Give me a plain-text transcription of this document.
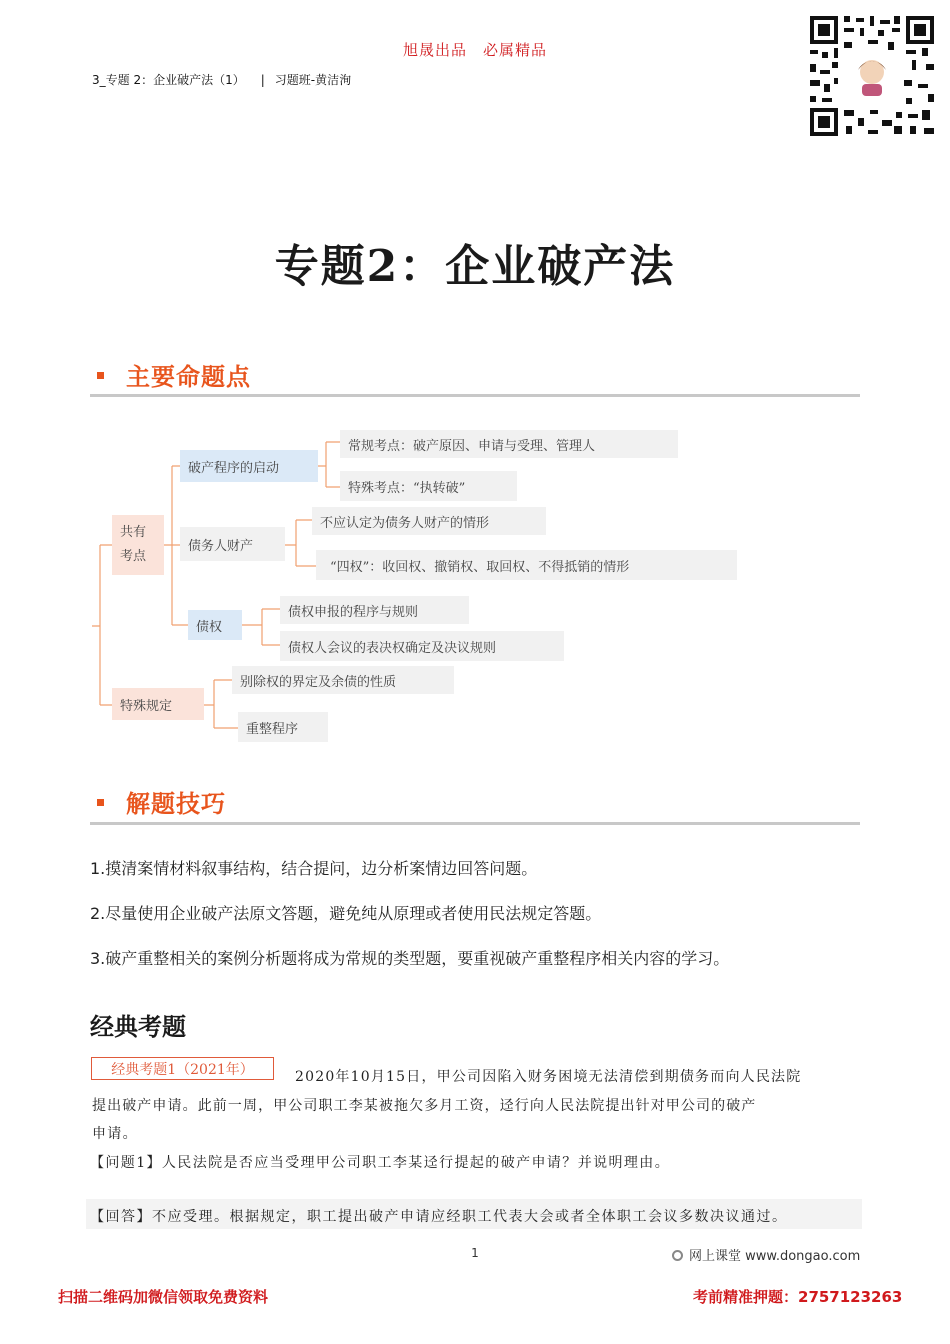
旭晟出品　必属精品
3_专题 2：企业破产法（1） | 习题班-黄洁洵
专题2：企业破产法
主要命题点
共有
考点
特殊规定
破产程序的启动
常规考点：破产原因、申请与受理、管理人
特殊考点：“执转破”
债务人财产
不应认定为债务人财产的情形
“四权”：收回权、撤销权、取回权、不得抵销的情形
债权
债权申报的程序与规则
债权人会议的表决权确定及决议规则
别除权的界定及余债的性质
重整程序
解题技巧

1.摸清案情材料叙事结构，结合提问，边分析案情边回答问题。

2.尽量使用企业破产法原文答题，避免纯从原理或者使用民法规定答题。

3.破产重整相关的案例分析题将成为常规的类型题，要重视破产重整程序相关内容的学习。

经典考题
经典考题1（2021年）	2020年10月15日，甲公司因陷入财务困境无法清偿到期债务而向人民法院
提出破产申请。此前一周，甲公司职工李某被拖欠多月工资，迳行向人民法院提出针对甲公司的破产
申请。
【问题1】人民法院是否应当受理甲公司职工李某迳行提起的破产申请？并说明理由。
【回答】不应受理。根据规定，职工提出破产申请应经职工代表大会或者全体职工会议多数决议通过。
1	网上课堂 www.dongao.com
扫描二维码加微信领取免费资料	考前精准押题：2757123263
